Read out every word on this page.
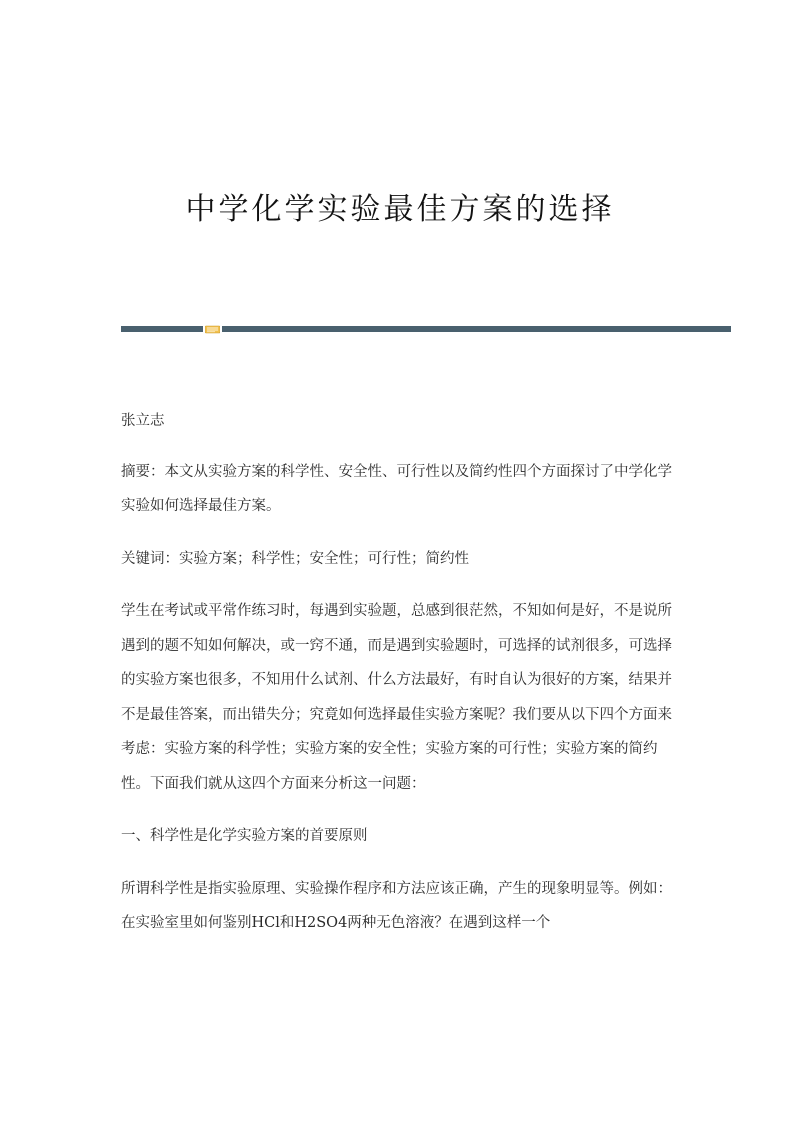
中学化学实验最佳方案的选择

张立志

摘要：本文从实验方案的科学性、安全性、可行性以及简约性四个方面探讨了中学化学实验如何选择最佳方案。

关键词：实验方案；科学性；安全性；可行性；简约性

学生在考试或平常作练习时，每遇到实验题，总感到很茫然，不知如何是好，不是说所遇到的题不知如何解决，或一窍不通，而是遇到实验题时，可选择的试剂很多，可选择的实验方案也很多，不知用什么试剂、什么方法最好，有时自认为很好的方案，结果并不是最佳答案，而出错失分；究竟如何选择最佳实验方案呢？我们要从以下四个方面来考虑：实验方案的科学性；实验方案的安全性；实验方案的可行性；实验方案的简约性。下面我们就从这四个方面来分析这一问题：

一、科学性是化学实验方案的首要原则

所谓科学性是指实验原理、实验操作程序和方法应该正确，产生的现象明显等。例如：在实验室里如何鉴别HCl和H2SO4两种无色溶液？在遇到这样一个
